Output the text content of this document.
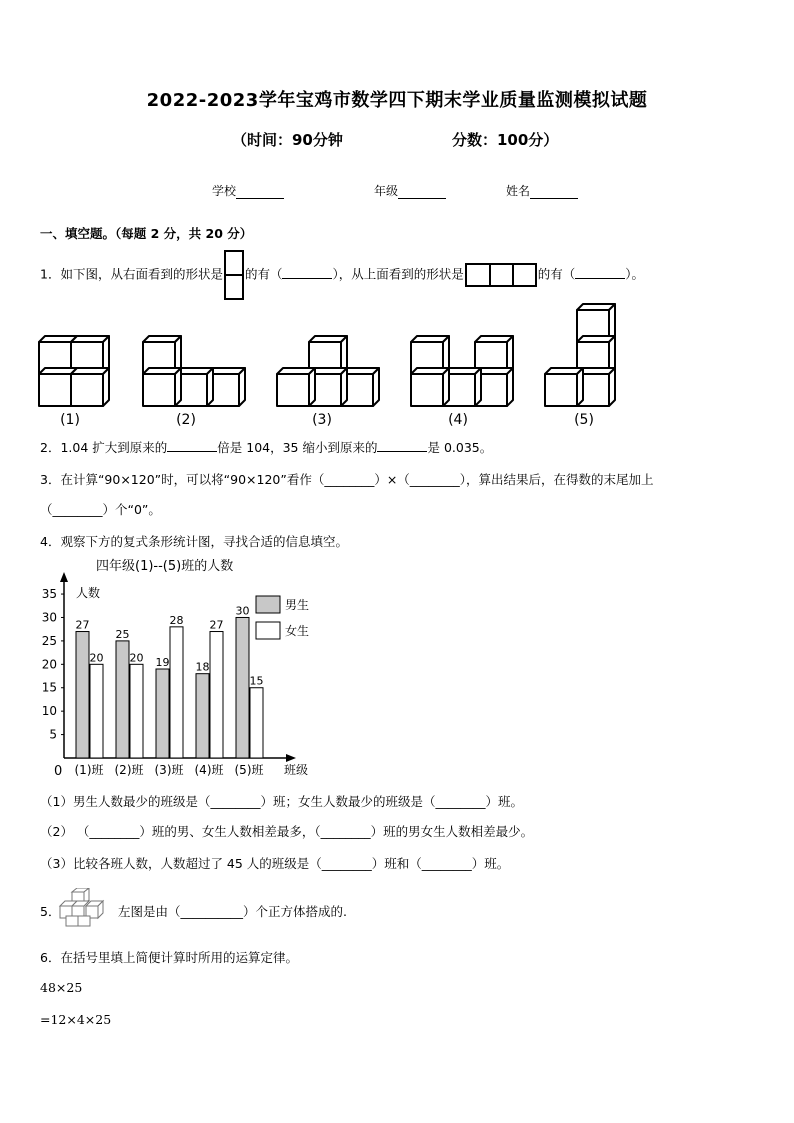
2022-2023学年宝鸡市数学四下期末学业质量监测模拟试题
（时间：90分钟	分数：100分）
学校	年级	姓名
一、填空题。（每题 2 分，共 20 分）
1．如下图，从右面看到的形状是 的有（	），从上面看到的形状是	的有（	）。
(1)	(2)	(3)	(4)	(5)
2．1.04 扩大到原来的	倍是 104，35 缩小到原来的	是 0.035。
3．在计算“90×120”时，可以将“90×120”看作（________）×（________），算出结果后，在得数的末尾加上
（________）个“0”。
4．观察下方的复式条形统计图，寻找合适的信息填空。
四年级(1)--(5)班的人数
人数
班级
0
5
10
15
20
25
30
35
27
20
(1)班
25
20
(2)班
19
28
(3)班
18
27
(4)班
30
15
(5)班
男生
女生
（1）男生人数最少的班级是（________）班；女生人数最少的班级是（________）班。
（2） （________）班的男、女生人数相差最多，（________）班的男女生人数相差最少。
（3）比较各班人数，人数超过了 45 人的班级是（________）班和（________）班。
5．	左图是由（__________）个正方体搭成的.
6．在括号里填上简便计算时所用的运算定律。
48×25
=12×4×25
